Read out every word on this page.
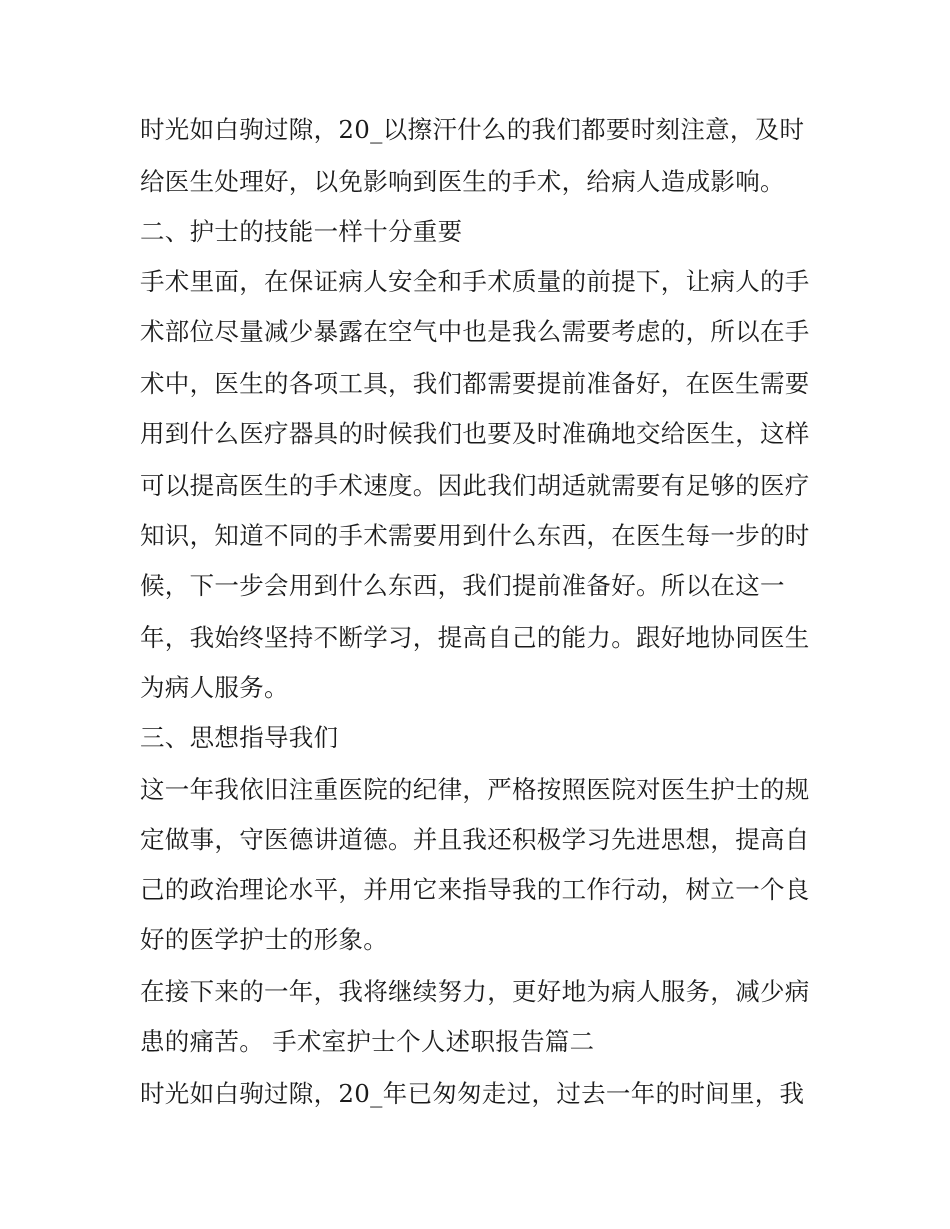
时光如白驹过隙，20_以擦汗什么的我们都要时刻注意，及时
给医生处理好，以免影响到医生的手术，给病人造成影响。
二、护士的技能一样十分重要
手术里面，在保证病人安全和手术质量的前提下，让病人的手
术部位尽量减少暴露在空气中也是我么需要考虑的，所以在手
术中，医生的各项工具，我们都需要提前准备好，在医生需要
用到什么医疗器具的时候我们也要及时准确地交给医生，这样
可以提高医生的手术速度。因此我们胡适就需要有足够的医疗
知识，知道不同的手术需要用到什么东西，在医生每一步的时
候，下一步会用到什么东西，我们提前准备好。所以在这一
年，我始终坚持不断学习，提高自己的能力。跟好地协同医生
为病人服务。
三、思想指导我们
这一年我依旧注重医院的纪律，严格按照医院对医生护士的规
定做事，守医德讲道德。并且我还积极学习先进思想，提高自
己的政治理论水平，并用它来指导我的工作行动，树立一个良
好的医学护士的形象。
在接下来的一年，我将继续努力，更好地为病人服务，减少病
患的痛苦。 手术室护士个人述职报告篇二
时光如白驹过隙，20_年已匆匆走过，过去一年的时间里，我
